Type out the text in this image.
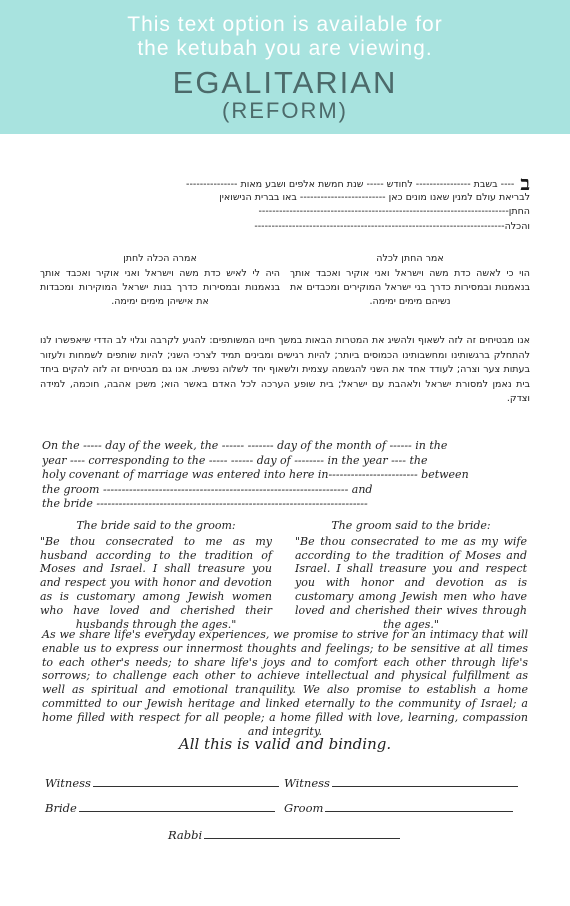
This text option is available for
the ketubah you are viewing.
EGALITARIAN
(REFORM)
ב---- בשבת ---------------- לחודש ----- שנת חמשת אלפים ושבע מאות ---------------
לבריאת עולם למנין שאנו מונים כאן ------------------------- באו בברית הנישואין
החתן-------------------------------------------------------------------------
והכלה-------------------------------------------------------------------------
אמר החתן לכלה
הוי כי לאשה כדת משה וישראל ואני אוקיר ואכבד אותך בנאמנות ובמסירות כדרך בני ישראל המוקירים ומכבדים את נשיהם מימים ימימה.
אמרה הכלה לחתן
היה לי לאיש כדת משה וישראל ואני אוקיר ואכבד אותך בנאמנות ובמסירות כדרך בנות ישראל המוקירות ומכבדות את אישיהן מימים ימימה.
אנו מבטיחים זה לזה לשאוף ולהשיג את המטרות הבאות במשך חיינו המשותפים: להגיע לקרבה וגלוי לב הדדי שיאפשרו לנו להתחלק ברגשותינו ומחשבותינו הכמוסים ביותר; להיות רגישים ומבינים תמיד לצרכי השני; להיות שותפים לשמחות ולעזור בעתות צער וצרה; לעודד אחד את השני להגשמה עצמית ולשאוף יחד לשלוה נפשית. אנו גם מבטיחים זה לזה להקים ביחד בית נאמן למסורת ישראל ולאהבת עם ישראל; בית שופע הערכה לכל האדם באשר הוא; משכן אהבה, חוכמה, למידה וצדק.
On the ----- day of the week, the ------ ------- day of the month of ------ in the
year ---- corresponding to the ----- ------ day of -------- in the year ---- the
holy covenant of marriage was entered into here in------------------------ between
the groom ------------------------------------------------------------------ and
the bride -------------------------------------------------------------------------
The bride said to the groom:
"Be thou consecrated to me as my husband according to the tradition of Moses and Israel. I shall treasure you and respect you with honor and devotion as is customary among Jewish women who have loved and cherished their husbands through the ages."
The groom said to the bride:
"Be thou consecrated to me as my wife according to the tradition of Moses and Israel. I shall treasure you and respect you with honor and devotion as is customary among Jewish men who have loved and cherished their wives through the ages."
As we share life's everyday experiences, we promise to strive for an intimacy that will enable us to express our innermost thoughts and feelings; to be sensitive at all times to each other's needs; to share life's joys and to comfort each other through life's sorrows; to challenge each other to achieve intellectual and physical fulfillment as well as spiritual and emotional tranquility. We also promise to establish a home committed to our Jewish heritage and linked eternally to the community of Israel; a home filled with respect for all people; a home filled with love, learning, compassion and integrity.
All this is valid and binding.
Witness	Witness
Bride	Groom
Rabbi
